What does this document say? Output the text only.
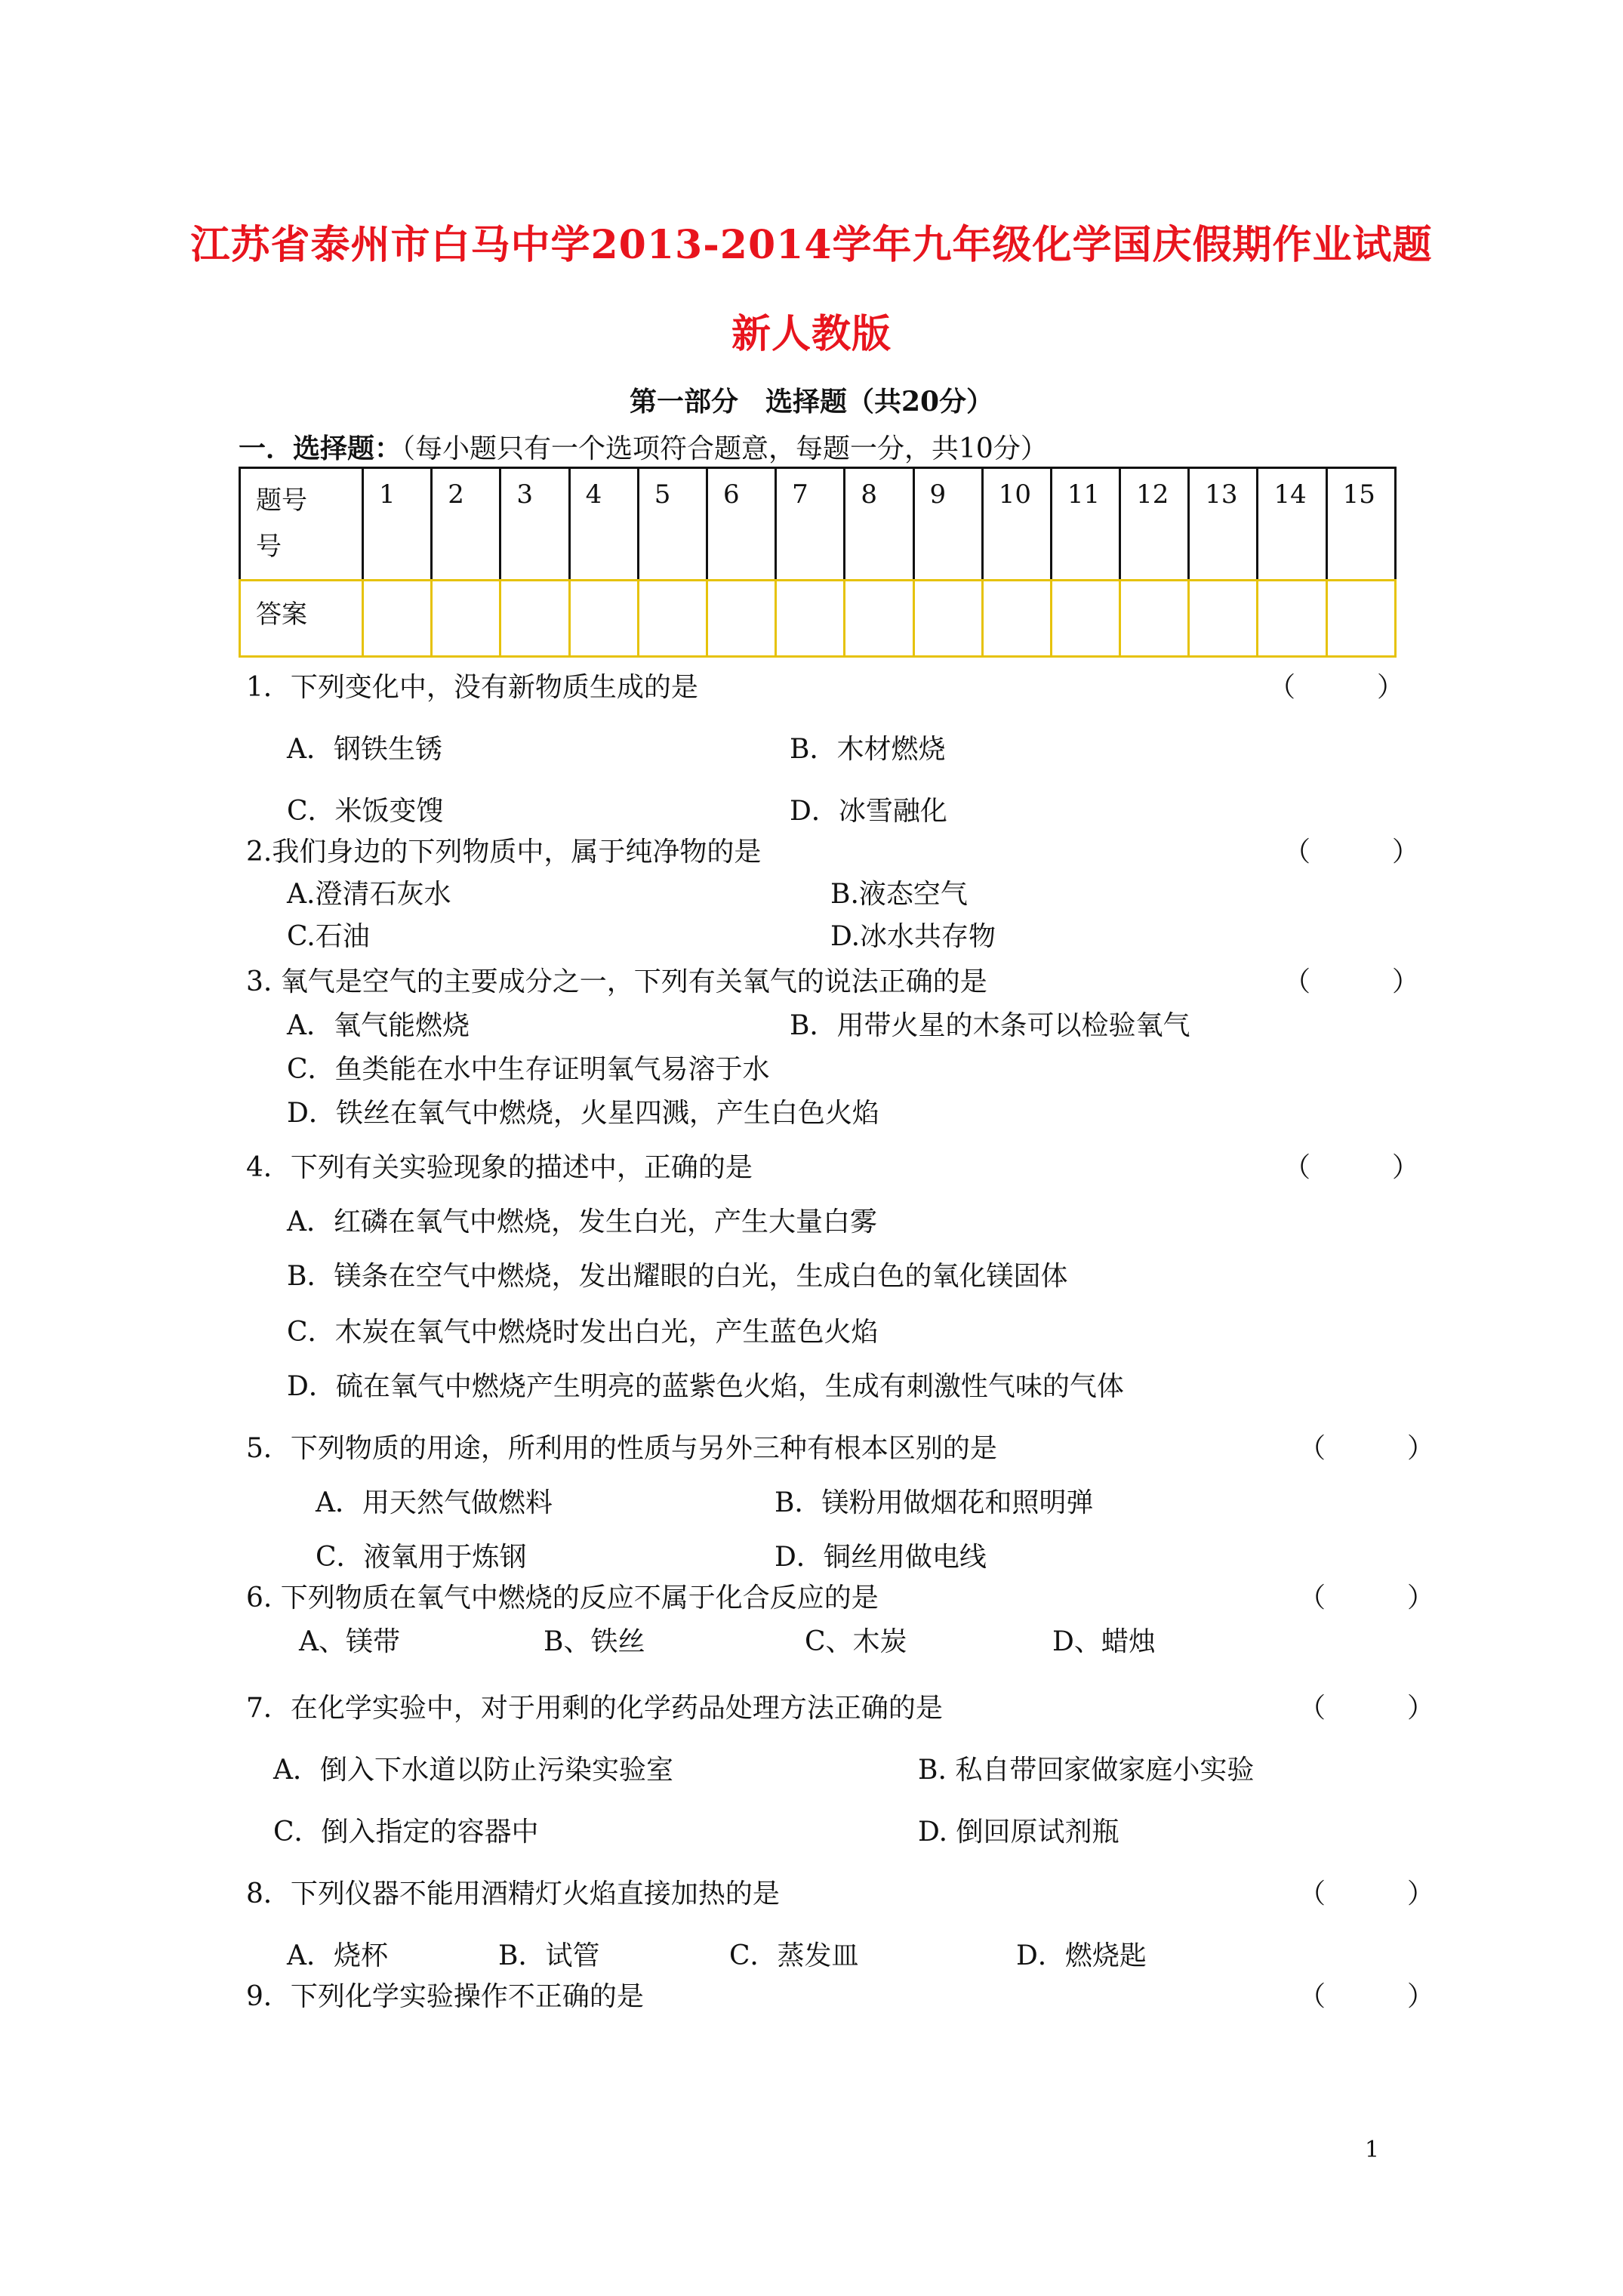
江苏省泰州市白马中学2013-2014学年九年级化学国庆假期作业试题
新人教版
第一部分　选择题（共20分）
一．选择题：（每小题只有一个选项符合题意，每题一分，共10分）
题号
号	1	2	3	4	5	6	7	8	9	10	11	12	13	14	15
答案															
1．下列变化中，没有新物质生成的是	（　　　）
A．钢铁生锈	B．木材燃烧
C．米饭变馊	D．冰雪融化
2.我们身边的下列物质中，属于纯净物的是	（　　　）
A.澄清石灰水	B.液态空气
C.石油	D.冰水共存物
3. 氧气是空气的主要成分之一，下列有关氧气的说法正确的是	（　　　）
A．氧气能燃烧	B．用带火星的木条可以检验氧气
C．鱼类能在水中生存证明氧气易溶于水
D．铁丝在氧气中燃烧，火星四溅，产生白色火焰
4．下列有关实验现象的描述中，正确的是	（　　　）
A．红磷在氧气中燃烧，发生白光，产生大量白雾
B．镁条在空气中燃烧，发出耀眼的白光，生成白色的氧化镁固体
C．木炭在氧气中燃烧时发出白光，产生蓝色火焰
D．硫在氧气中燃烧产生明亮的蓝紫色火焰，生成有刺激性气味的气体
5．下列物质的用途，所利用的性质与另外三种有根本区别的是	（　　　）
A．用天然气做燃料	B．镁粉用做烟花和照明弹
C．液氧用于炼钢	D．铜丝用做电线
6. 下列物质在氧气中燃烧的反应不属于化合反应的是	（　　　）
A、镁带	B、铁丝	C、木炭	D、蜡烛
7．在化学实验中，对于用剩的化学药品处理方法正确的是	（　　　）
A．倒入下水道以防止污染实验室	B. 私自带回家做家庭小实验
C．倒入指定的容器中	D. 倒回原试剂瓶
8．下列仪器不能用酒精灯火焰直接加热的是	（　　　）
A．烧杯	B．试管	C．蒸发皿	D．燃烧匙
9．下列化学实验操作不正确的是	（　　　）
1
